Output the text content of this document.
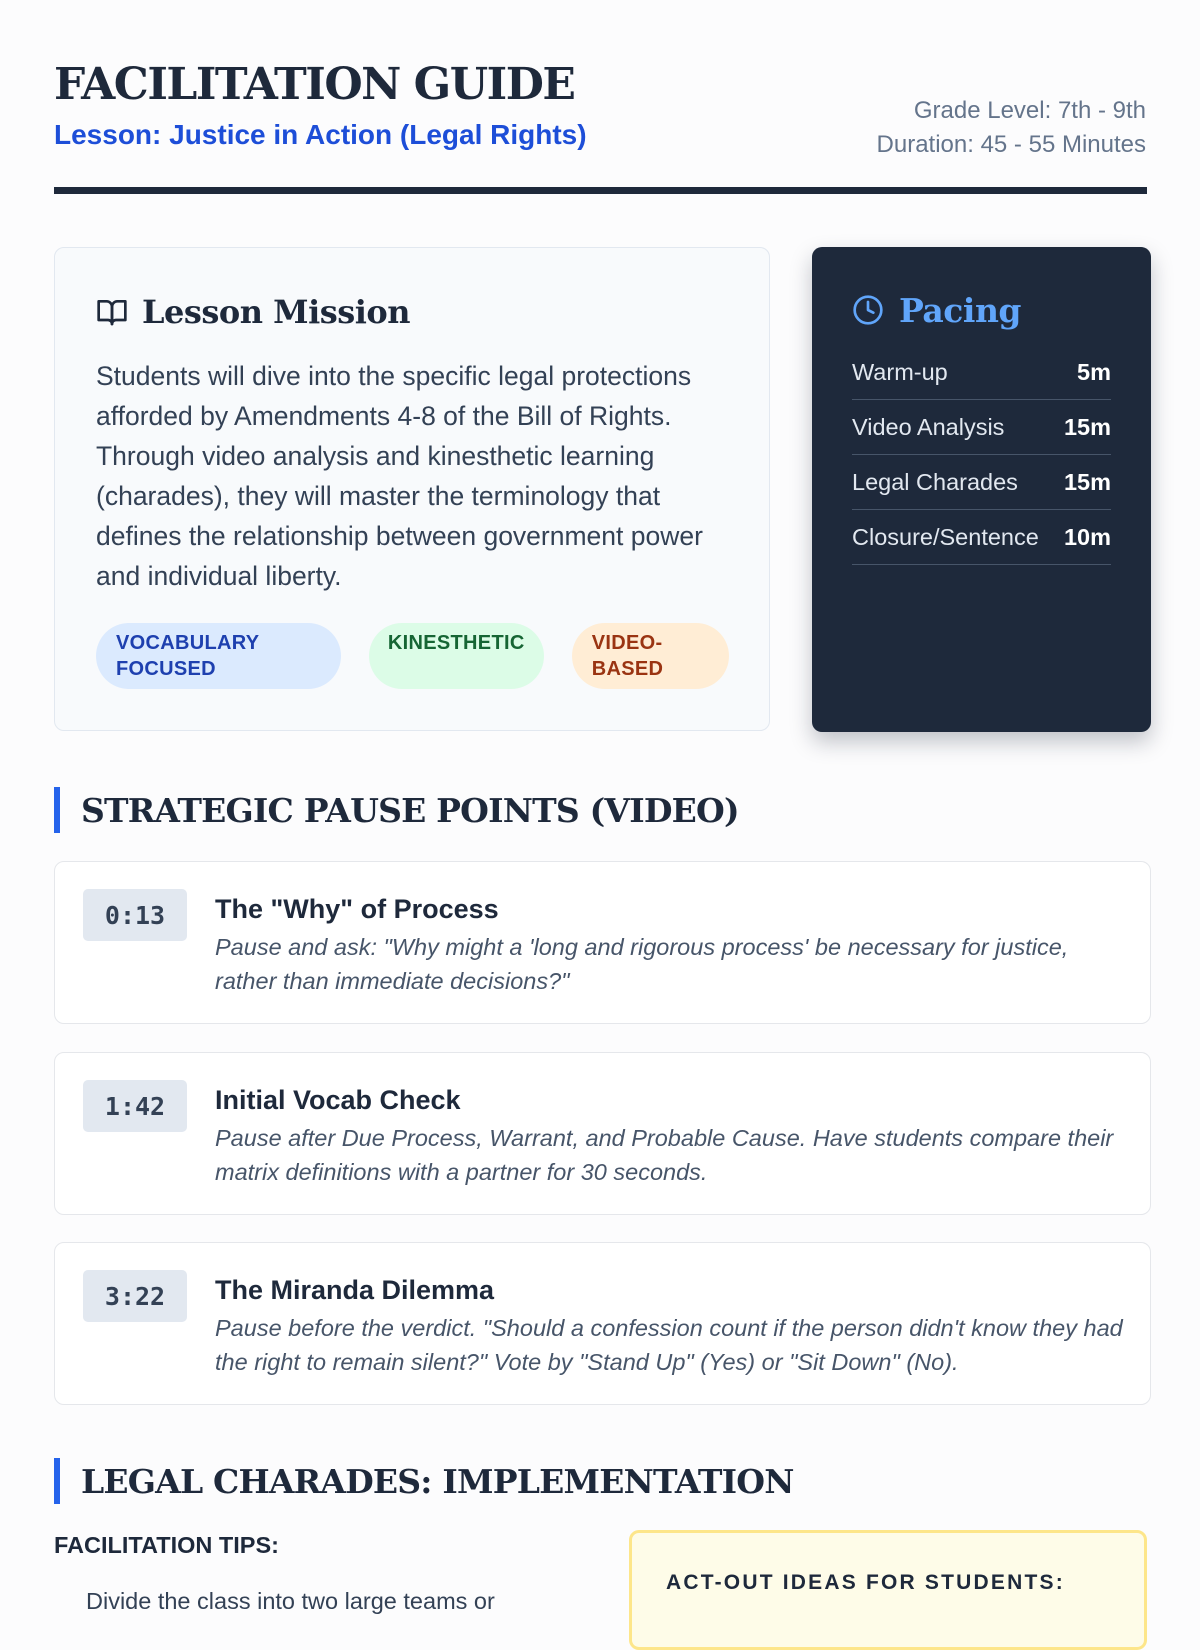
FACILITATION GUIDE
Lesson: Justice in Action (Legal Rights)
Grade Level: 7th - 9th
Duration: 45 - 55 Minutes
Lesson Mission
Students will dive into the specific legal protections afforded by Amendments 4-8 of the Bill of Rights. Through video analysis and kinesthetic learning (charades), they will master the terminology that defines the relationship between government power and individual liberty.
VOCABULARY FOCUSED
KINESTHETIC	VIDEO-BASED
Pacing
Warm-up	5m
Video Analysis	15m
Legal Charades 15m
Closure/Sentence 10m
STRATEGIC PAUSE POINTS (VIDEO)
0:13	The "Why" of Process
Pause and ask: "Why might a 'long and rigorous process' be necessary for justice, rather than immediate decisions?"
1:42	Initial Vocab Check
Pause after Due Process, Warrant, and Probable Cause. Have students compare their matrix definitions with a partner for 30 seconds.
3:22	The Miranda Dilemma
Pause before the verdict. "Should a confession count if the person didn't know they had the right to remain silent?" Vote by "Stand Up" (Yes) or "Sit Down" (No).
LEGAL CHARADES: IMPLEMENTATION
FACILITATION TIPS:
Divide the class into two large teams or
ACT-OUT IDEAS FOR STUDENTS:
